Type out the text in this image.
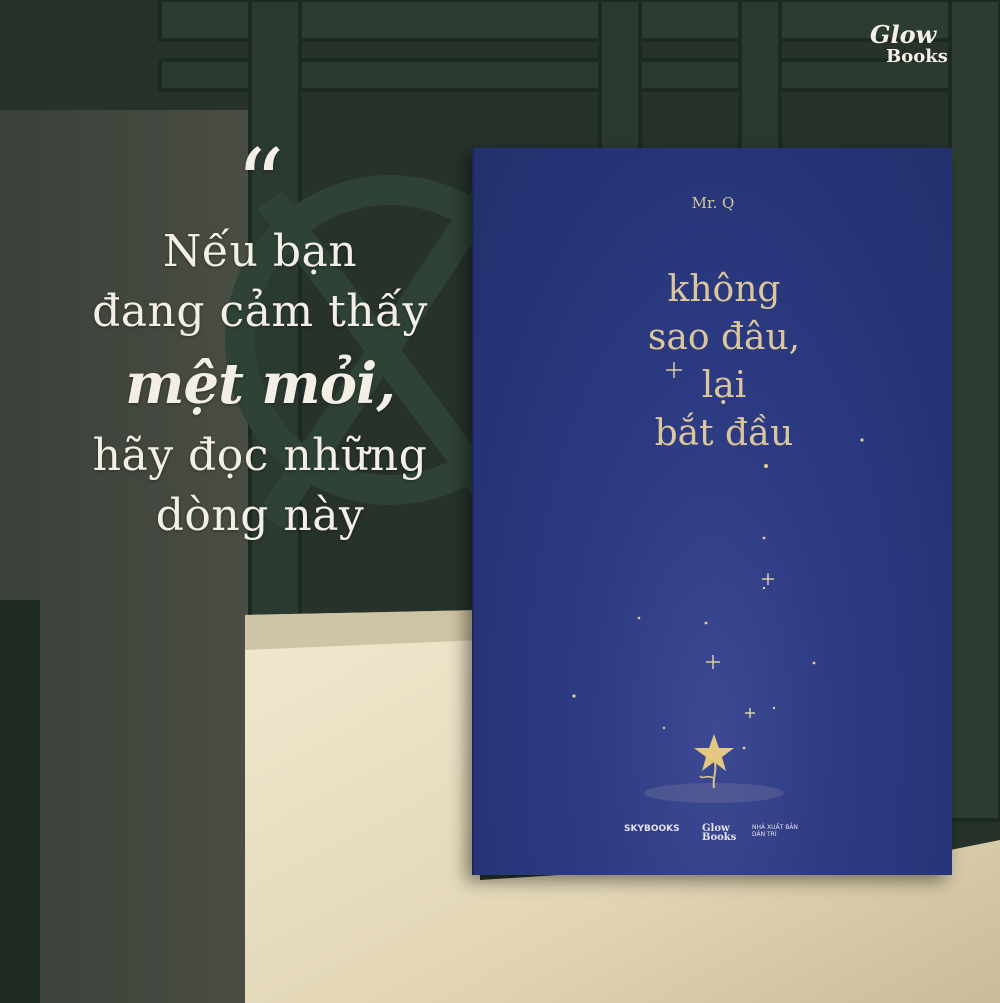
Glow
Books
“
Nếu bạn
đang cảm thấy
mệt mỏi,
hãy đọc những
dòng này
Mr. Q
không
sao đâu,
lại
bắt đầu
SKYBOOKS Glow
Books
NHÀ XUẤT BẢN DÂN TRÍ
